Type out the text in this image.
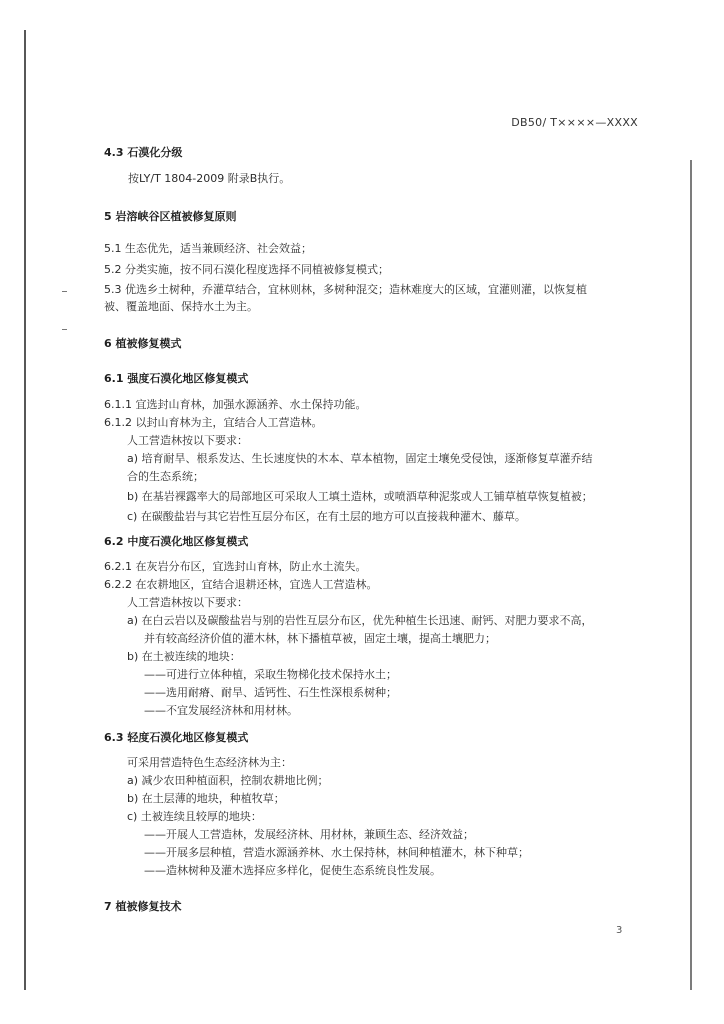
DB50/ T××××—XXXX
4.3 石漠化分级
按LY/T 1804-2009 附录B执行。
5 岩溶峡谷区植被修复原则
5.1 生态优先，适当兼顾经济、社会效益；
5.2 分类实施，按不同石漠化程度选择不同植被修复模式；
5.3 优选乡土树种，乔灌草结合，宜林则林，多树种混交；造林难度大的区域，宜灌则灌，以恢复植
被、覆盖地面、保持水土为主。
6 植被修复模式
6.1 强度石漠化地区修复模式
6.1.1 宜选封山育林，加强水源涵养、水土保持功能。
6.1.2 以封山育林为主，宜结合人工营造林。
人工营造林按以下要求：
a) 培育耐旱、根系发达、生长速度快的木本、草本植物，固定土壤免受侵蚀，逐渐修复草灌乔结
合的生态系统；
b) 在基岩裸露率大的局部地区可采取人工填土造林，或喷酒草种泥浆或人工铺草植草恢复植被；
c) 在碳酸盐岩与其它岩性互层分布区，在有土层的地方可以直接栽种灌木、藤草。
6.2 中度石漠化地区修复模式
6.2.1 在灰岩分布区，宜选封山育林，防止水土流失。
6.2.2 在农耕地区，宜结合退耕还林，宜选人工营造林。
人工营造林按以下要求：
a) 在白云岩以及碳酸盐岩与别的岩性互层分布区，优先种植生长迅速、耐钙、对肥力要求不高，
并有较高经济价值的灌木林，林下播植草被，固定土壤，提高土壤肥力；
b) 在土被连续的地块：
——可进行立体种植，采取生物梯化技术保持水土；
——选用耐瘠、耐旱、适钙性、石生性深根系树种；
——不宜发展经济林和用材林。
6.3 轻度石漠化地区修复模式
可采用营造特色生态经济林为主：
a) 减少农田种植面积，控制农耕地比例；
b) 在土层薄的地块，种植牧草；
c) 土被连续且较厚的地块：
——开展人工营造林，发展经济林、用材林，兼顾生态、经济效益；
——开展多层种植，营造水源涵养林、水土保持林，林间种植灌木，林下种草；
——造林树种及灌木选择应多样化，促使生态系统良性发展。
7 植被修复技术
3
